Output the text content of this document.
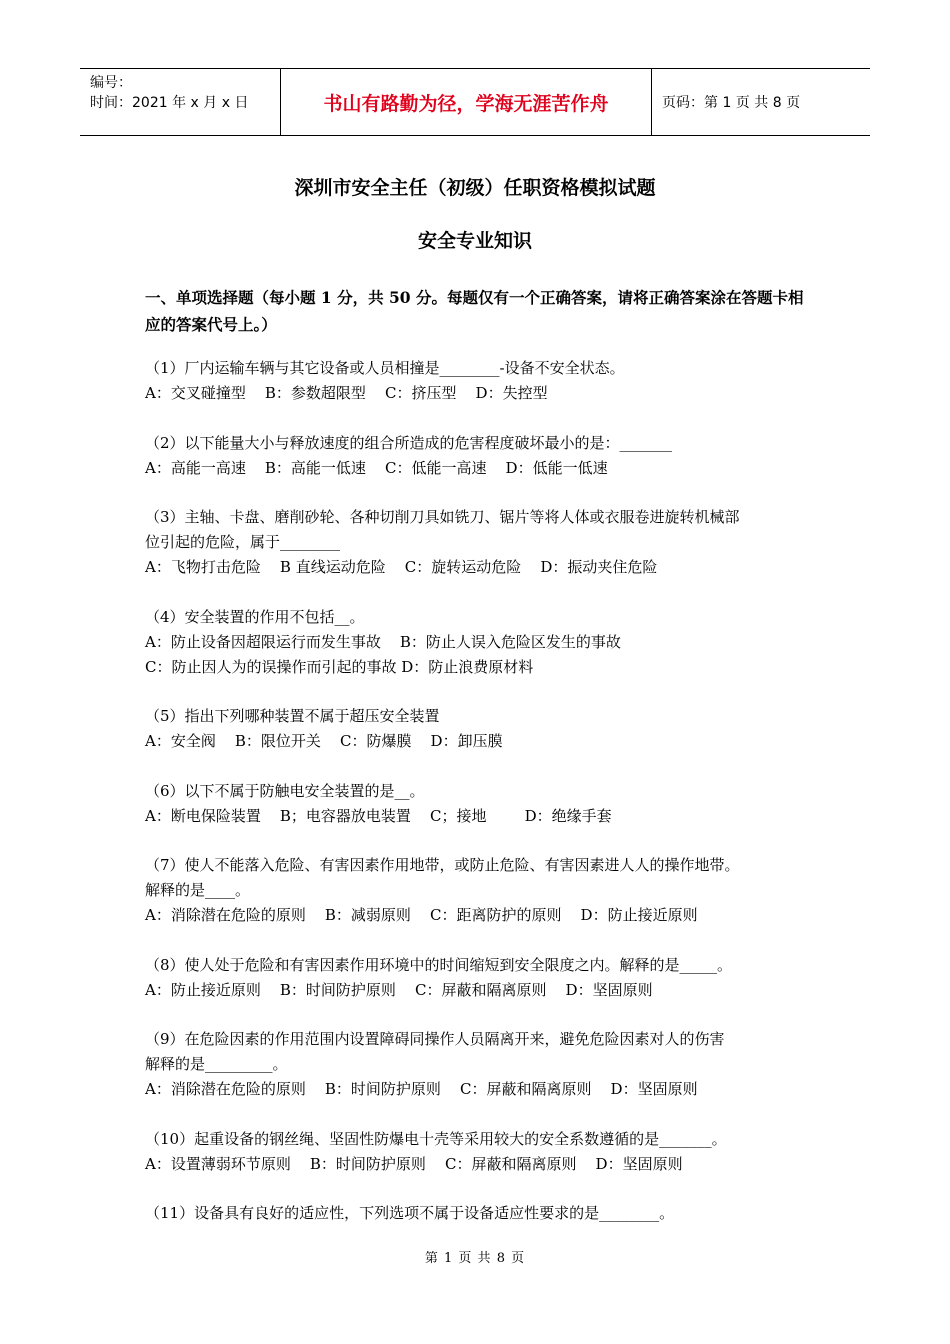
编号：
时间：2021 年 x 月 x 日	书山有路勤为径，学海无涯苦作舟	页码：第 1 页 共 8 页
深圳市安全主任（初级）任职资格模拟试题
安全专业知识
一、单项选择题（每小题 1 分，共 50 分。每题仅有一个正确答案，请将正确答案涂在答题卡相应的答案代号上。）

（1）厂内运输车辆与其它设备或人员相撞是________-设备不安全状态。

A：交叉碰撞型    B：参数超限型    C：挤压型    D：失控型

（2）以下能量大小与释放速度的组合所造成的危害程度破坏最小的是：_______

A：高能一高速    B：高能一低速    C：低能一高速    D：低能一低速

（3）主轴、卡盘、磨削砂轮、各种切削刀具如铣刀、锯片等将人体或衣服卷进旋转机械部

位引起的危险，属于________

A：飞物打击危险    B 直线运动危险    C：旋转运动危险    D：振动夹住危险

（4）安全装置的作用不包括__。

A：防止设备因超限运行而发生事故    B：防止人误入危险区发生的事故

C：防止因人为的误操作而引起的事故 D：防止浪费原材料

（5）指出下列哪种装置不属于超压安全装置

A：安全阀    B：限位开关    C：防爆膜    D：卸压膜

（6）以下不属于防触电安全装置的是__。

A：断电保险装置    B；电容器放电装置    C；接地        D：绝缘手套

（7）使人不能落入危险、有害因素作用地带，或防止危险、有害因素进人人的操作地带。

解释的是____。

A：消除潜在危险的原则    B：减弱原则    C：距离防护的原则    D：防止接近原则

（8）使人处于危险和有害因素作用环境中的时间缩短到安全限度之内。解释的是_____。

A：防止接近原则    B：时间防护原则    C：屏蔽和隔离原则    D：坚固原则

（9）在危险因素的作用范围内设置障碍同操作人员隔离开来，避免危险因素对人的伤害

解释的是_________。

A：消除潜在危险的原则    B：时间防护原则    C：屏蔽和隔离原则    D：坚固原则

（10）起重设备的钢丝绳、坚固性防爆电十壳等采用较大的安全系数遵循的是_______。

A：设置薄弱环节原则    B：时间防护原则    C：屏蔽和隔离原则    D：坚固原则

（11）设备具有良好的适应性，下列选项不属于设备适应性要求的是________。

第 1 页 共 8 页
